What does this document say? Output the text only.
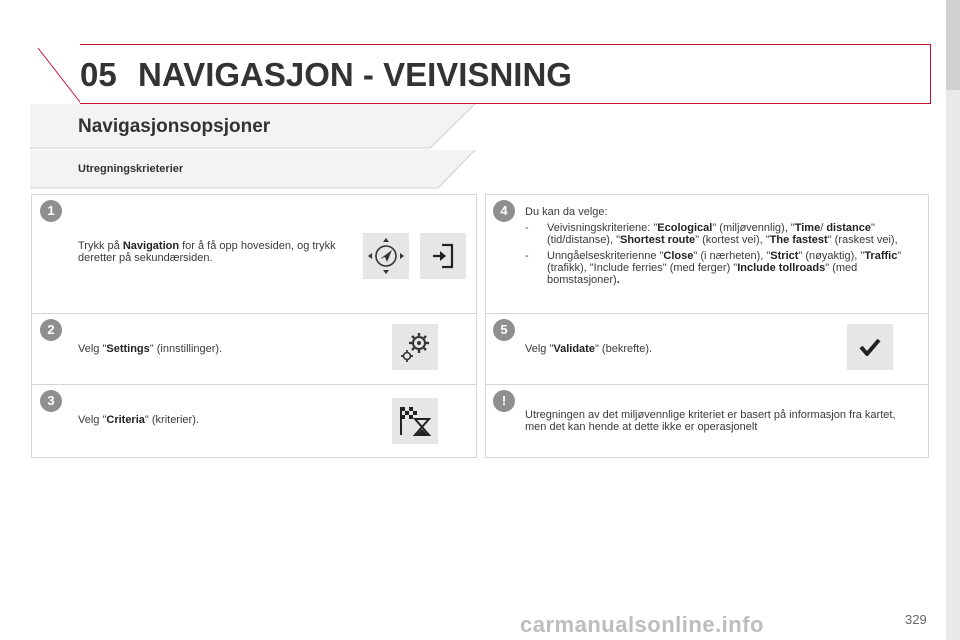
05 NAVIGASJON - VEIVISNING
Navigasjonsopsjoner
Utregningskrieterier
1
Trykk på Navigation for å få opp hovesiden, og trykk deretter på sekundærsiden.
2
Velg "Settings" (innstillinger).
3
Velg "Criteria" (kriterier).
4	Du kan da velge:
- Veivisningskriteriene: "Ecological" (miljøvennlig), "Time/ distance" (tid/distanse), "Shortest route" (kortest vei), "The fastest" (raskest vei),
- Unngåelseskriterienne "Close" (i nærheten), "Strict" (nøyaktig), "Traffic" (trafikk), "Include ferries" (med ferger) "Include tollroads" (med bomstasjoner).
5
Velg "Validate" (bekrefte).
!
Utregningen av det miljøvennlige kriteriet er basert på informasjon fra kartet, men det kan hende at dette ikke er operasjonelt
carmanualsonline.info	329
